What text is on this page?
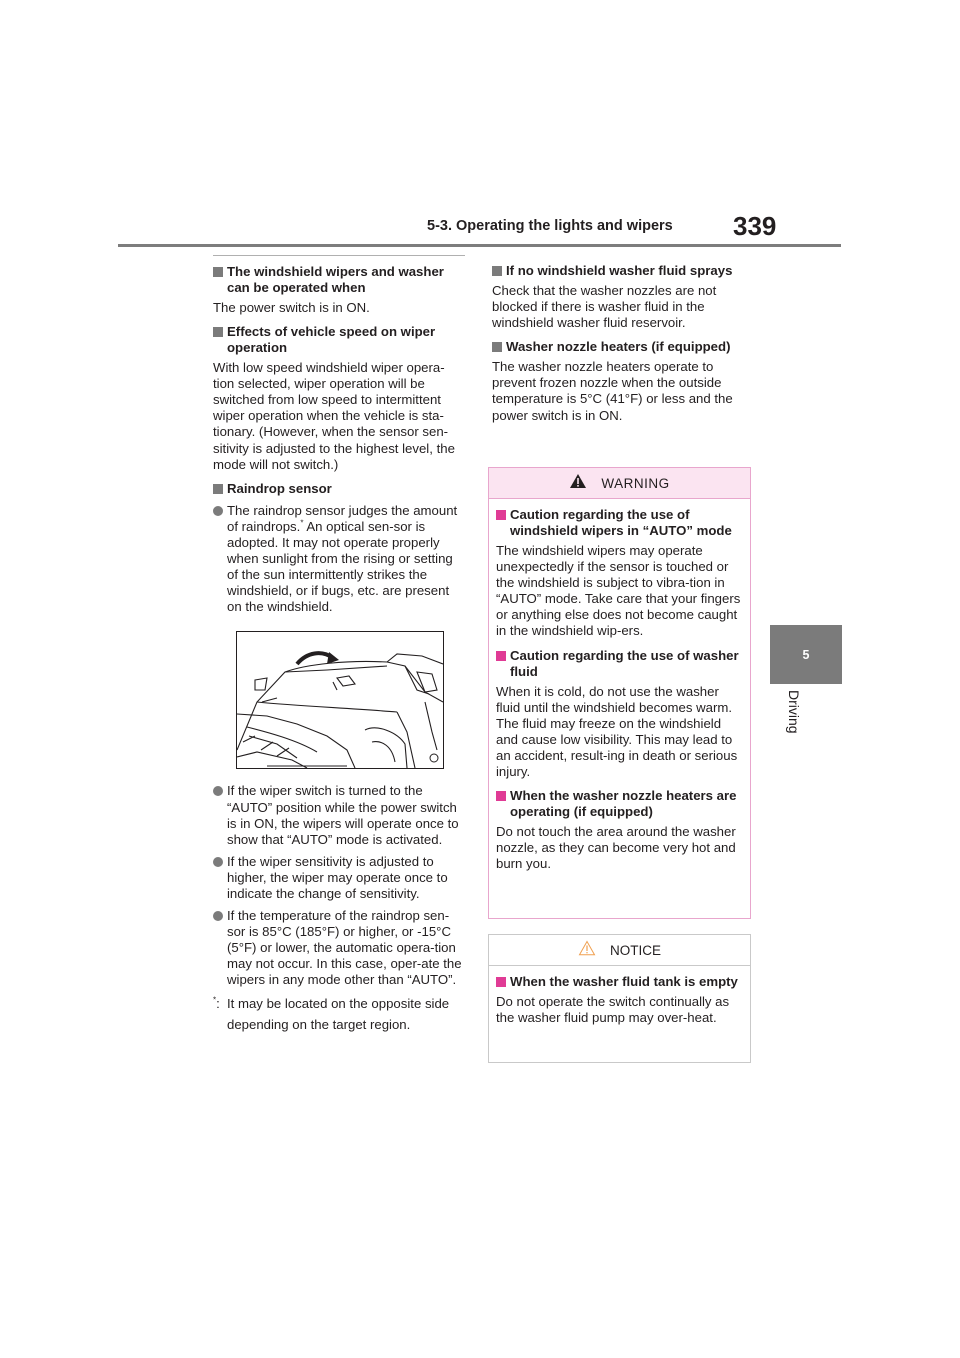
5-3. Operating the lights and wipers 339
5
Driving
The windshield wipers and washer can be operated when

The power switch is in ON.

Effects of vehicle speed on wiper operation

With low speed windshield wiper opera-tion selected, wiper operation will be switched from low speed to intermittent wiper operation when the vehicle is sta-tionary. (However, when the sensor sen-sitivity is adjusted to the highest level, the mode will not switch.)

Raindrop sensor
The raindrop sensor judges the amount of raindrops.* An optical sen-sor is adopted. It may not operate properly when sunlight from the rising or setting of the sun intermittently strikes the windshield, or if bugs, etc. are present on the windshield.
If the wiper switch is turned to the “AUTO” position while the power switch is in ON, the wipers will operate once to show that “AUTO” mode is activated.
If the wiper sensitivity is adjusted to higher, the wiper may operate once to indicate the change of sensitivity.
If the temperature of the raindrop sen-sor is 85°C (185°F) or higher, or -15°C (5°F) or lower, the automatic opera-tion may not occur. In this case, oper-ate the wipers in any mode other than “AUTO”.
*: It may be located on the opposite side depending on the target region.
If no windshield washer fluid sprays

Check that the washer nozzles are not blocked if there is washer fluid in the windshield washer fluid reservoir.

Washer nozzle heaters (if equipped)

The washer nozzle heaters operate to prevent frozen nozzle when the outside temperature is 5°C (41°F) or less and the power switch is in ON.

WARNING
Caution regarding the use of windshield wipers in “AUTO” mode

The windshield wipers may operate unexpectedly if the sensor is touched or the windshield is subject to vibra-tion in “AUTO” mode. Take care that your fingers or anything else does not become caught in the windshield wip-ers.

Caution regarding the use of washer fluid

When it is cold, do not use the washer fluid until the windshield becomes warm. The fluid may freeze on the windshield and cause low visibility. This may lead to an accident, result-ing in death or serious injury.

When the washer nozzle heaters are operating (if equipped)

Do not touch the area around the washer nozzle, as they can become very hot and burn you.

NOTICE
When the washer fluid tank is empty

Do not operate the switch continually as the washer fluid pump may over-heat.
